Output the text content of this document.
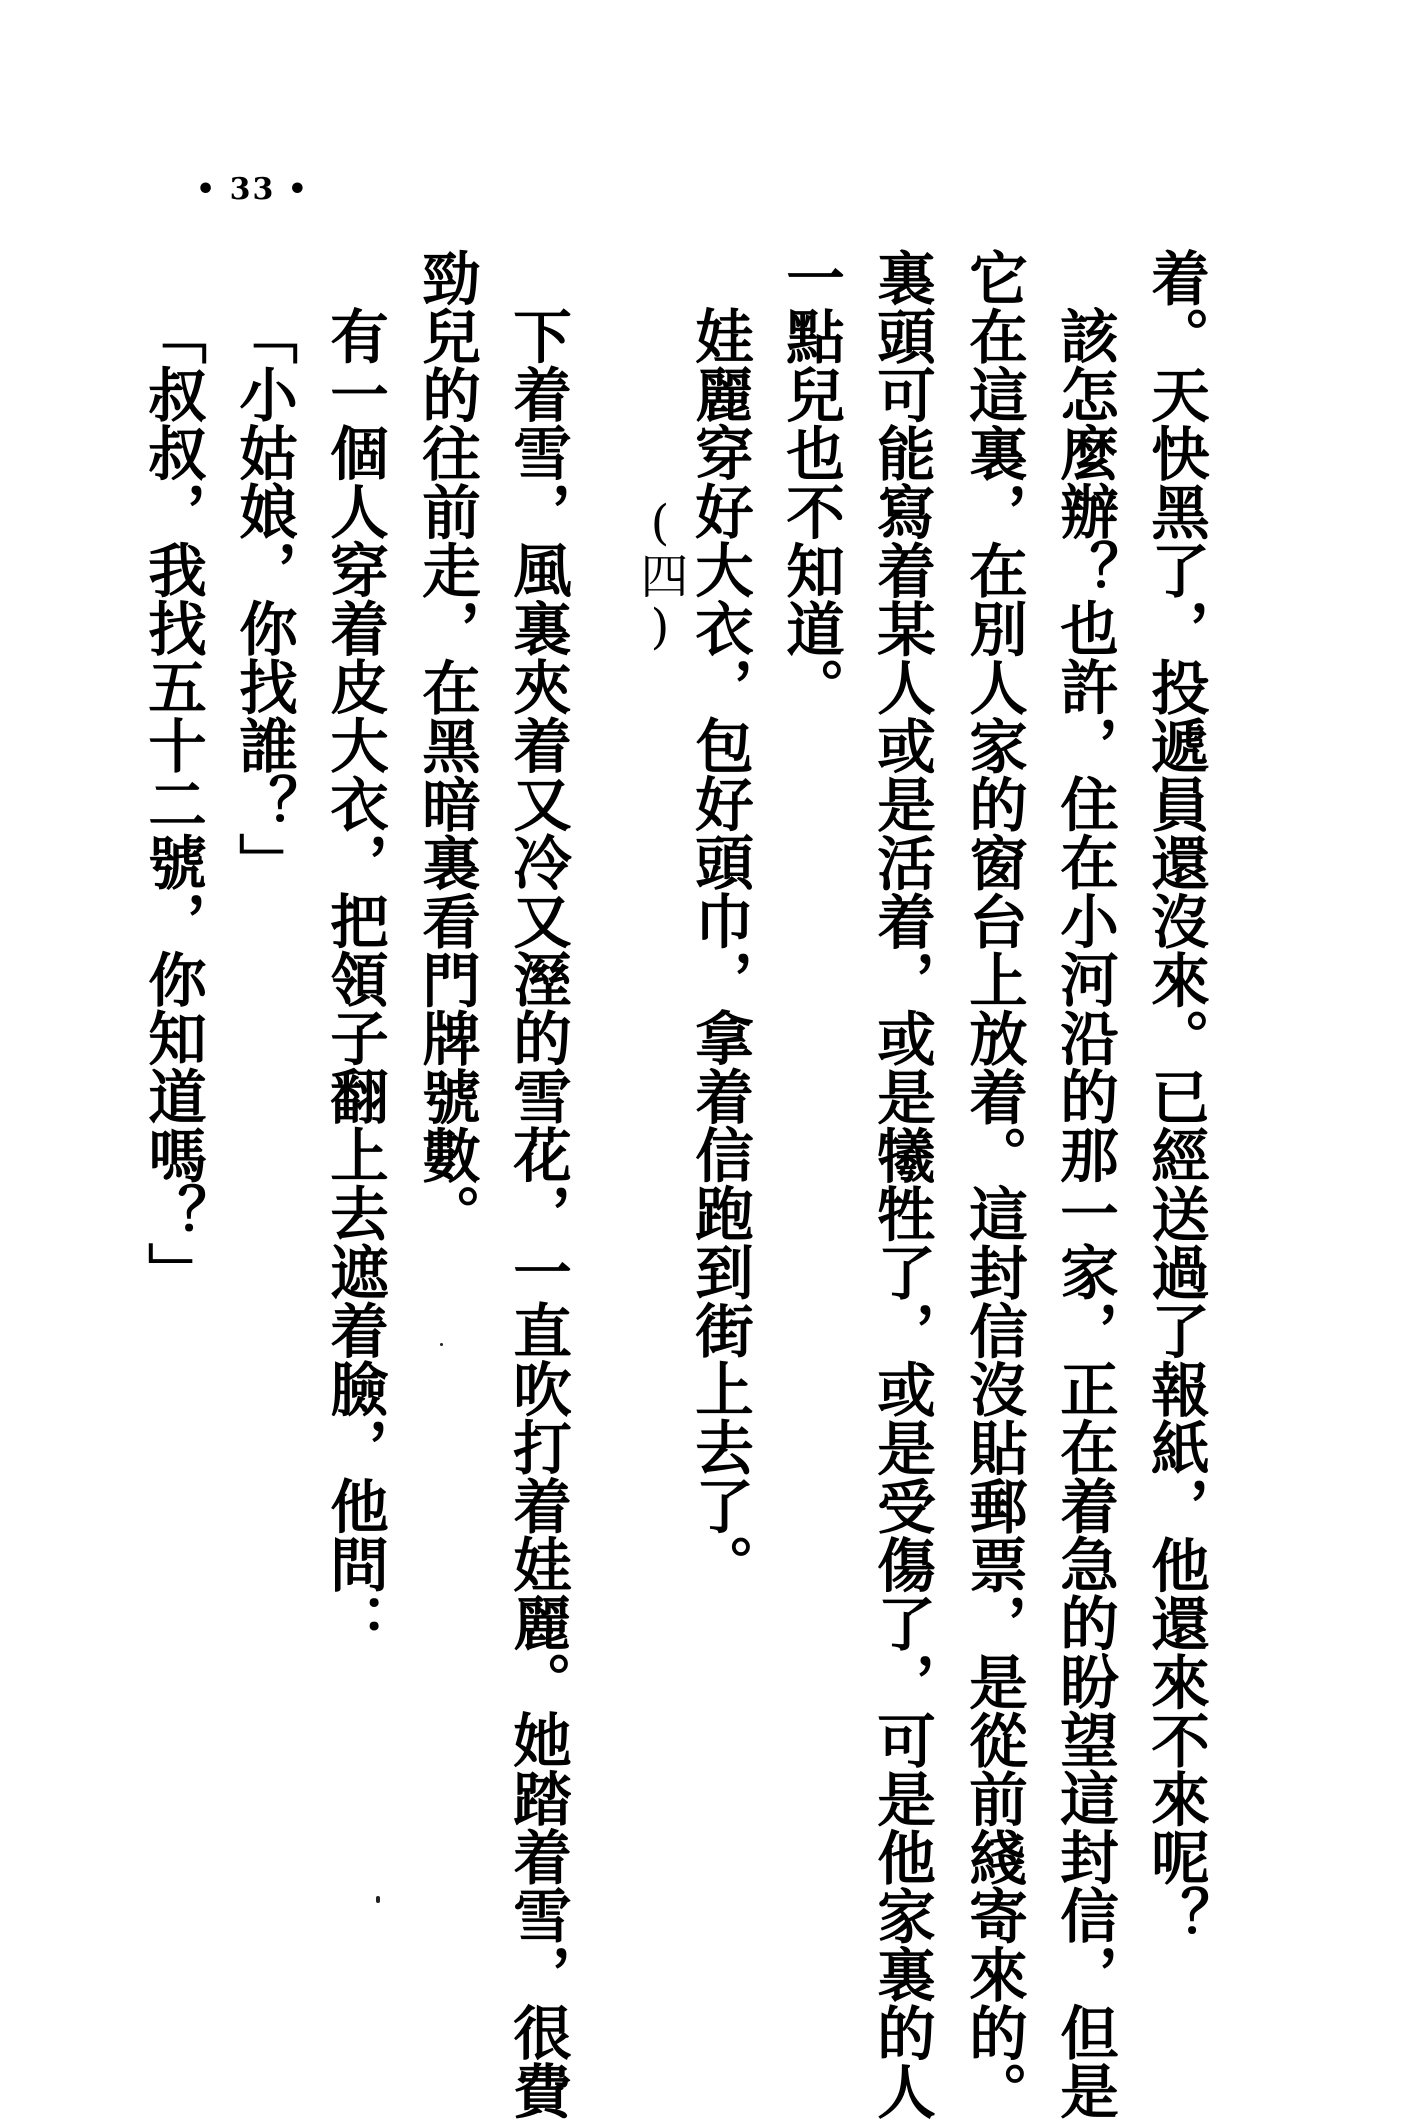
• 33 •
着。天快黑了，投遞員還沒來。已經送過了報紙，他還來不來呢？
該怎麼辦？也許，住在小河沿的那一家，正在着急的盼望這封信，但是
它在這裏，在別人家的窗台上放着。這封信沒貼郵票，是從前綫寄來的。
裏頭可能寫着某人或是活着，或是犧牲了，或是受傷了，可是他家裏的人
一點兒也不知道。
娃麗穿好大衣，包好頭巾，拿着信跑到街上去了。
(四)
下着雪，風裏夾着又冷又溼的雪花，一直吹打着娃麗。她踏着雪，很費
勁兒的往前走，在黑暗裏看門牌號數。
有一個人穿着皮大衣，把領子翻上去遮着臉，他問：
「小姑娘，你找誰？」
「叔叔，我找五十二號，你知道嗎？」
